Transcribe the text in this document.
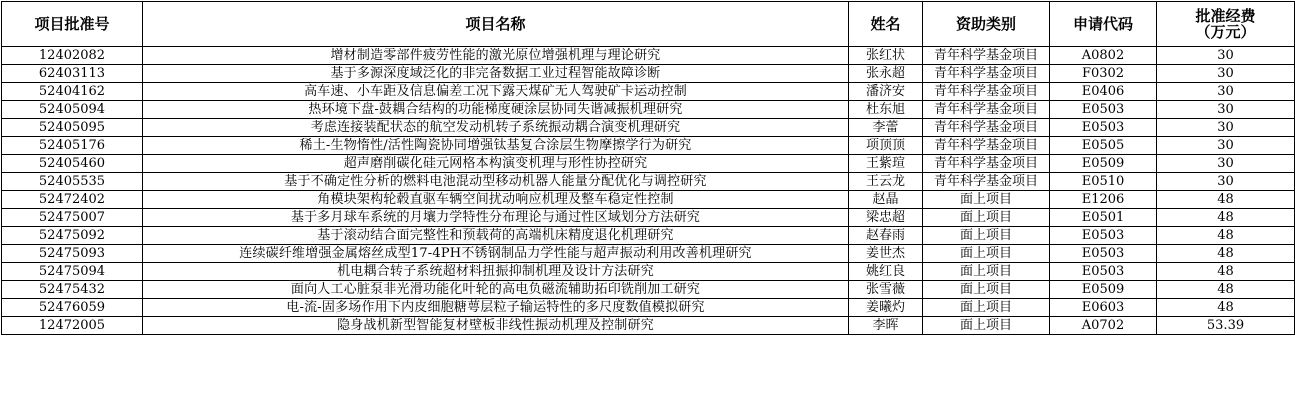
项目批准号	项目名称	姓名	资助类别	申请代码	批准经费
（万元）
12402082	增材制造零部件疲劳性能的激光原位增强机理与理论研究	张红状	青年科学基金项目	A0802	30
62403113	基于多源深度域泛化的非完备数据工业过程智能故障诊断	张永超	青年科学基金项目	F0302	30
52404162	高车速、小车距及信息偏差工况下露天煤矿无人驾驶矿卡运动控制	潘济安	青年科学基金项目	E0406	30
52405094	热环境下盘-鼓耦合结构的功能梯度硬涂层协同失谐减振机理研究	杜东旭	青年科学基金项目	E0503	30
52405095	考虑连接装配状态的航空发动机转子系统振动耦合演变机理研究	李蕾	青年科学基金项目	E0503	30
52405176	稀土-生物惰性/活性陶瓷协同增强钛基复合涂层生物摩擦学行为研究	项顶顶	青年科学基金项目	E0505	30
52405460	超声磨削碳化硅元网格本构演变机理与形性协控研究	王紫瑄	青年科学基金项目	E0509	30
52405535	基于不确定性分析的燃料电池混动型移动机器人能量分配优化与调控研究	王云龙	青年科学基金项目	E0510	30
52472402	角模块架构轮毂直驱车辆空间扰动响应机理及整车稳定性控制	赵晶	面上项目	E1206	48
52475007	基于多月球车系统的月壤力学特性分布理论与通过性区域划分方法研究	梁忠超	面上项目	E0501	48
52475092	基于滚动结合面完整性和预载荷的高端机床精度退化机理研究	赵春雨	面上项目	E0503	48
52475093	连续碳纤维增强金属熔丝成型17-4PH不锈钢制品力学性能与超声振动利用改善机理研究	姜世杰	面上项目	E0503	48
52475094	机电耦合转子系统超材料扭振抑制机理及设计方法研究	姚红良	面上项目	E0503	48
52475432	面向人工心脏泵非光滑功能化叶轮的高电负磁流辅助拓印铣削加工研究	张雪薇	面上项目	E0509	48
52476059	电-流-固多场作用下内皮细胞糖萼层粒子输运特性的多尺度数值模拟研究	姜曦灼	面上项目	E0603	48
12472005	隐身战机新型智能复材壁板非线性振动机理及控制研究	李晖	面上项目	A0702	53.39
